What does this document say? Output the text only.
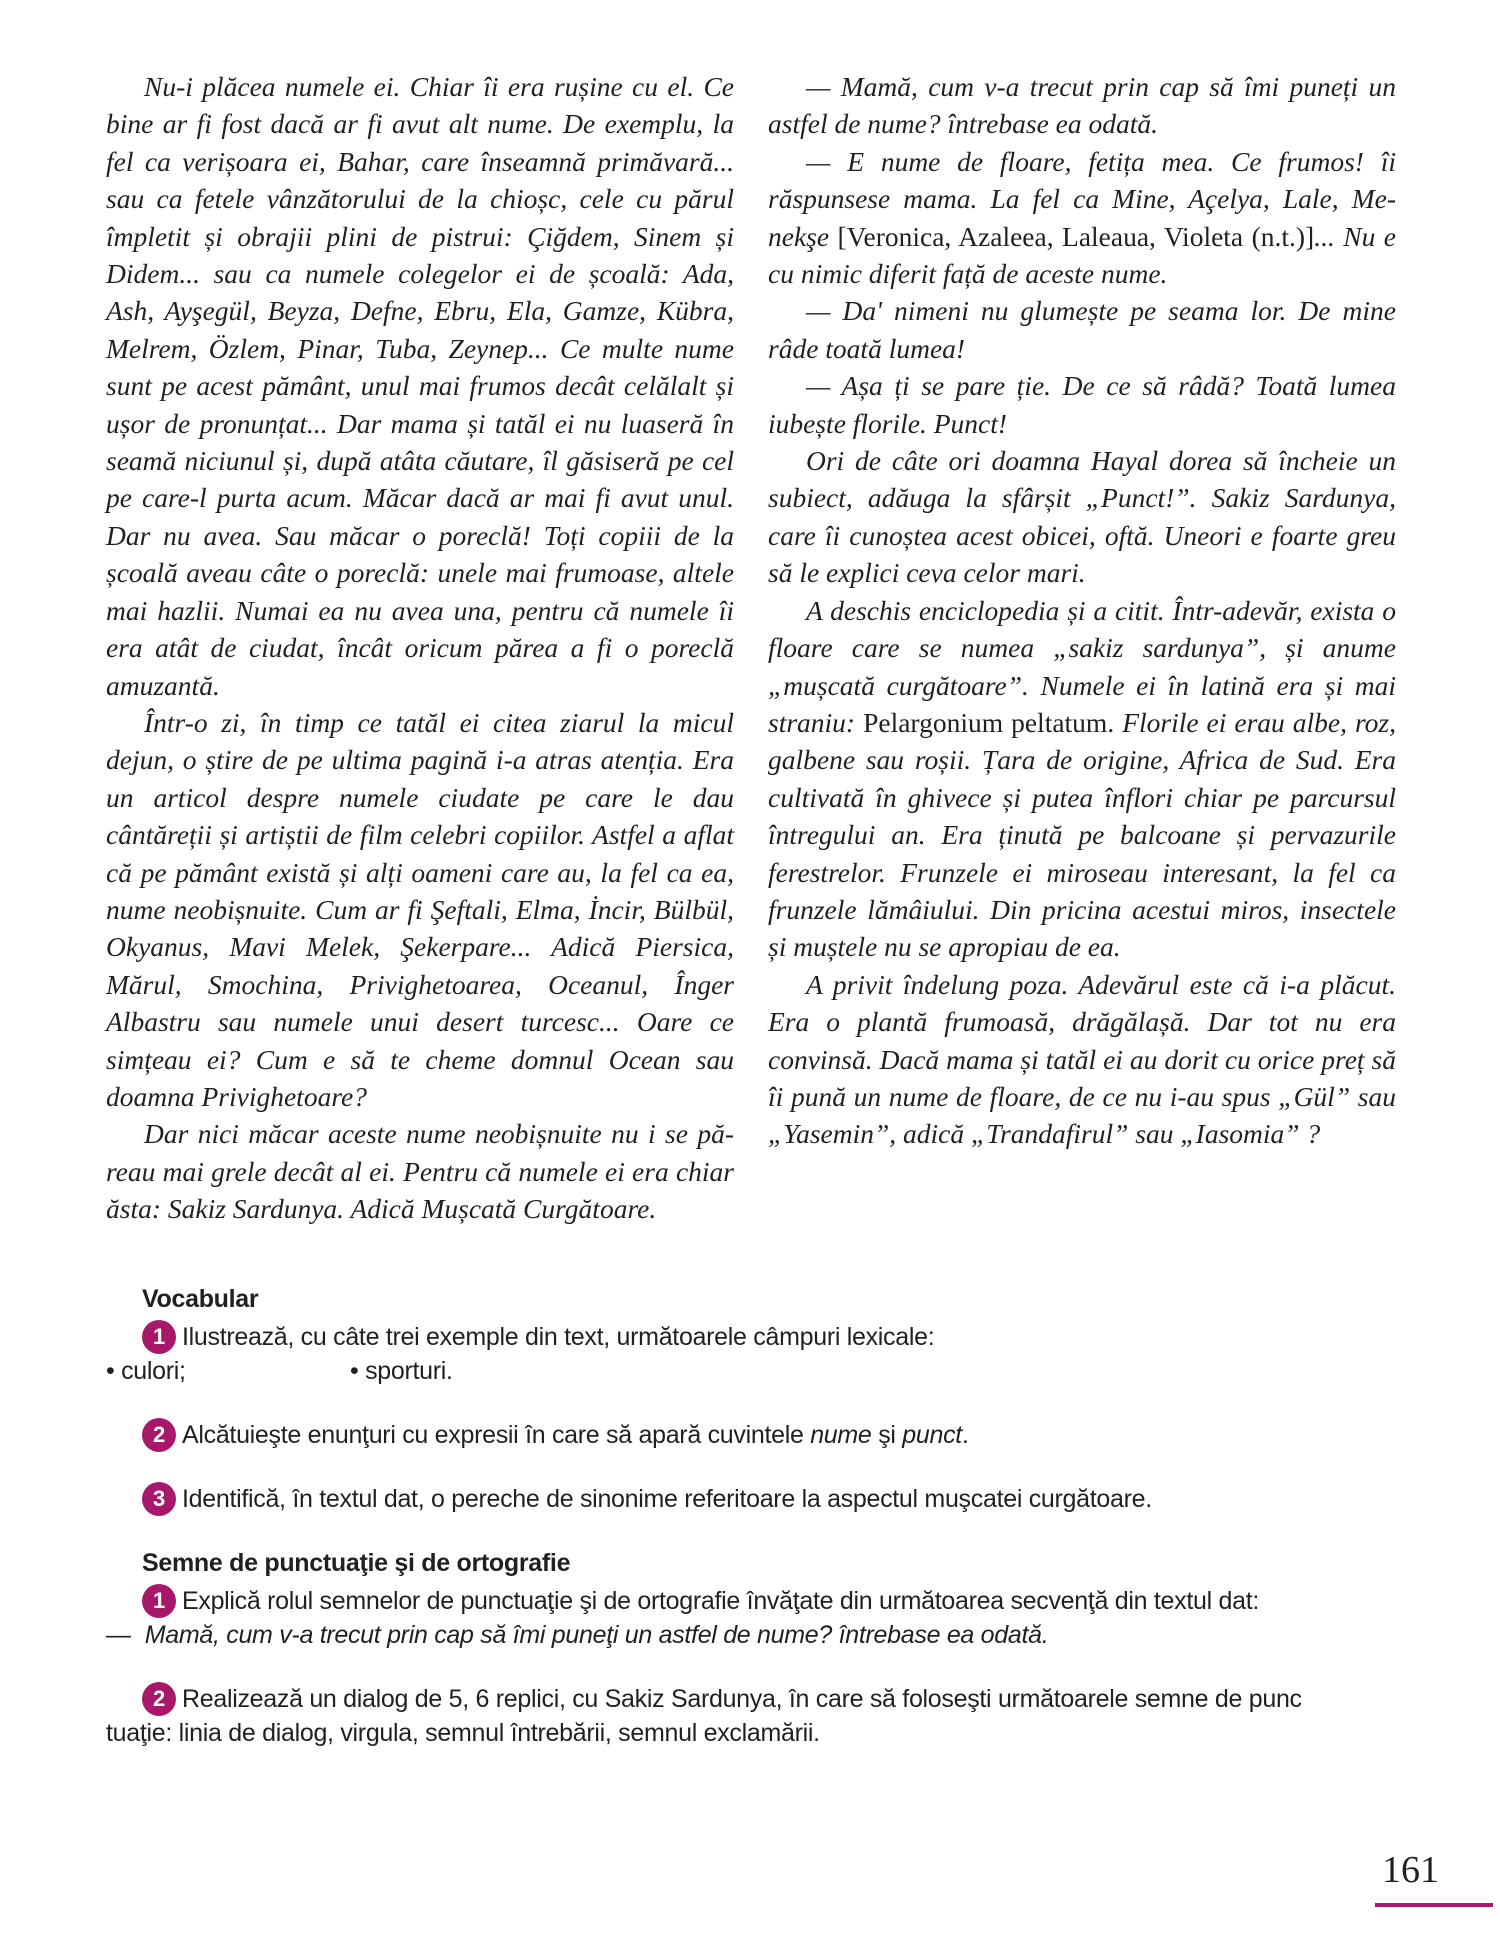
Nu-i plăcea numele ei. Chiar îi era rușine cu el. Ce bine ar fi fost dacă ar fi avut alt nume. De exemplu, la fel ca verișoara ei, Bahar, care înseamnă primăvară... sau ca fetele vânzătorului de la chioșc, cele cu părul împletit și obrajii plini de pistrui: Çiğdem, Sinem și Didem... sau ca numele colegelor ei de școală: Ada, Ash, Ayşegül, Beyza, Defne, Ebru, Ela, Gamze, Kübra, Melrem, Özlem, Pinar, Tuba, Zeynep... Ce multe nume sunt pe acest pământ, unul mai frumos decât celălalt și ușor de pronunțat... Dar mama și tatăl ei nu luaseră în seamă niciunul și, după atâta căutare, îl găsiseră pe cel pe care-l purta acum. Măcar dacă ar mai fi avut unul. Dar nu avea. Sau măcar o poreclă! Toți copiii de la școală aveau câte o poreclă: unele mai frumoase, altele mai hazlii. Numai ea nu avea una, pentru că numele îi era atât de ciudat, încât oricum părea a fi o poreclă amuzantă.

Într-o zi, în timp ce tatăl ei citea ziarul la micul dejun, o știre de pe ultima pagină i-a atras atenția. Era un articol despre numele ciudate pe care le dau cântăreții și artiștii de film celebri copiilor. Astfel a aflat că pe pământ există și alți oameni care au, la fel ca ea, nume neobișnuite. Cum ar fi Şeftali, Elma, İncir, Bülbül, Okyanus, Mavi Melek, Şekerpare... Adică Piersica, Mărul, Smochina, Privighetoarea, Oceanul, Înger Albastru sau numele unui desert turcesc... Oare ce simțeau ei? Cum e să te cheme domnul Ocean sau doamna Privighetoare?

Dar nici măcar aceste nume neobișnuite nu i se păreau mai grele decât al ei. Pentru că numele ei era chiar ăsta: Sakiz Sardunya. Adică Mușcată Curgătoare.

— Mamă, cum v-a trecut prin cap să îmi puneți un astfel de nume? întrebase ea odată.

— E nume de floare, fetița mea. Ce frumos! îi răspunsese mama. La fel ca Mine, Açelya, Lale, Menekşe [Veronica, Azaleea, Laleaua, Violeta (n.t.)]... Nu e cu nimic diferit față de aceste nume.

— Da' nimeni nu glumește pe seama lor. De mine râde toată lumea!

— Așa ți se pare ție. De ce să râdă? Toată lumea iubește florile. Punct!

Ori de câte ori doamna Hayal dorea să încheie un subiect, adăuga la sfârșit „Punct!”. Sakiz Sardunya, care îi cunoștea acest obicei, oftă. Uneori e foarte greu să le explici ceva celor mari.

A deschis enciclopedia și a citit. Într-adevăr, exista o floare care se numea „sakiz sardunya”, și anume „mușcată curgătoare”. Numele ei în latină era și mai straniu: Pelargonium peltatum. Florile ei erau albe, roz, galbene sau roșii. Țara de origine, Africa de Sud. Era cultivată în ghivece și putea înflori chiar pe parcursul întregului an. Era ținută pe balcoane și pervazurile ferestrelor. Frunzele ei miroseau interesant, la fel ca frunzele lămâiului. Din pricina acestui miros, insectele și muștele nu se apropiau de ea.

A privit îndelung poza. Adevărul este că i-a plăcut. Era o plantă frumoasă, drăgălașă. Dar tot nu era convinsă. Dacă mama și tatăl ei au dorit cu orice preț să îi pună un nume de floare, de ce nu i-au spus „Gül” sau „Yasemin”, adică „Trandafirul” sau „Iasomia” ?

Vocabular
1 Ilustrează, cu câte trei exemple din text, următoarele câmpuri lexicale:
• culori;	• sporturi.
2 Alcătuieşte enunţuri cu expresii în care să apară cuvintele nume şi punct.
3 Identifică, în textul dat, o pereche de sinonime referitoare la aspectul muşcatei curgătoare.
Semne de punctuaţie şi de ortografie
1 Explică rolul semnelor de punctuaţie şi de ortografie învăţate din următoarea secvenţă din textul dat:
— Mamă, cum v-a trecut prin cap să îmi puneţi un astfel de nume? întrebase ea odată.
2 Realizează un dialog de 5, 6 replici, cu Sakiz Sardunya, în care să foloseşti următoarele semne de punc
tuaţie: linia de dialog, virgula, semnul întrebării, semnul exclamării.
161
